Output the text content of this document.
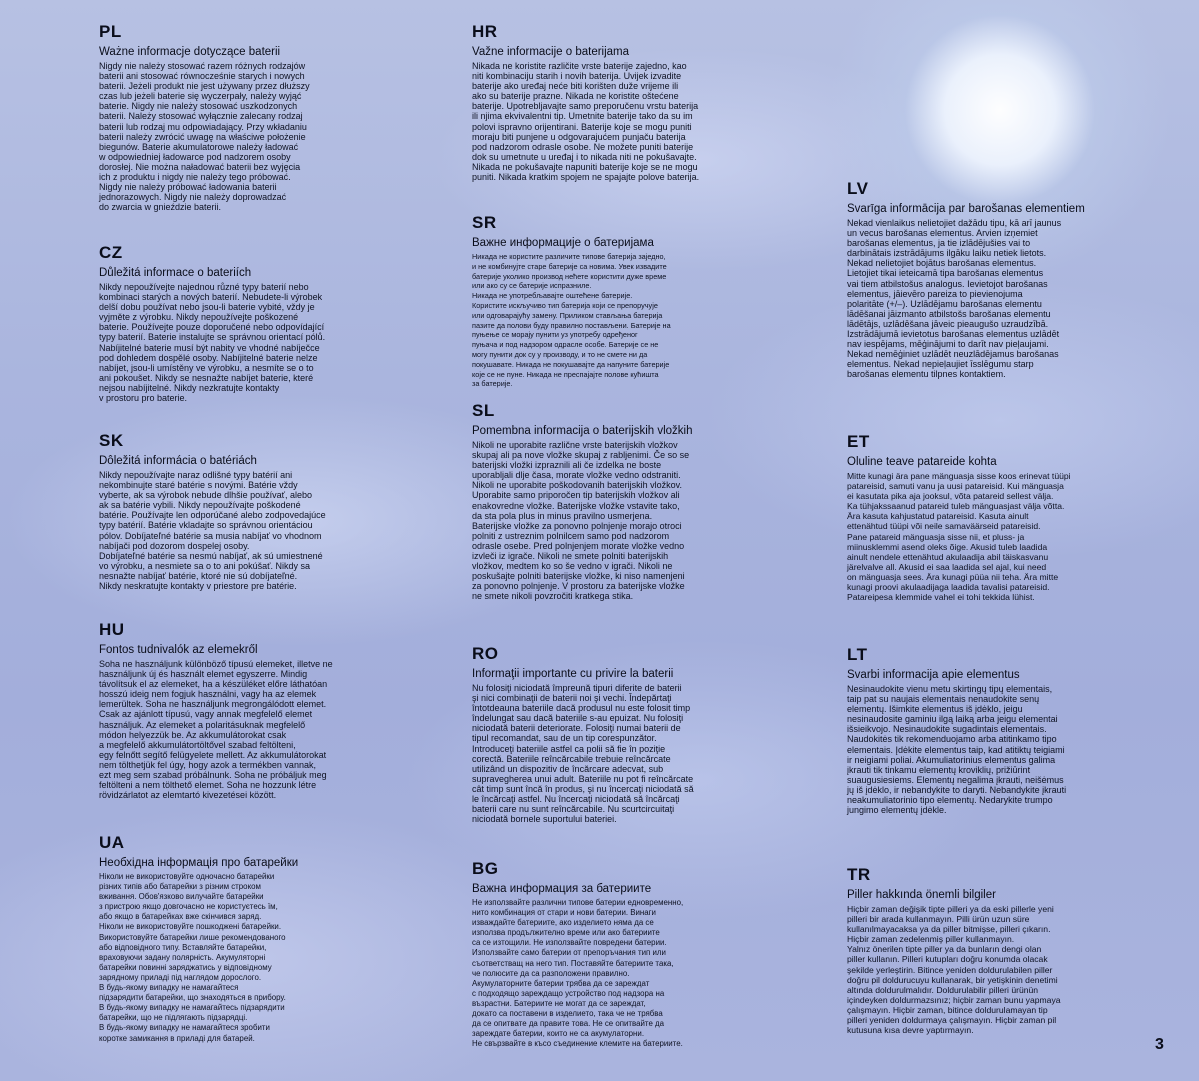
PL
Ważne informacje dotyczące baterii
Nigdy nie należy stosować razem różnych rodzajów
baterii ani stosować równocześnie starych i nowych
baterii. Jeżeli produkt nie jest używany przez dłuższy
czas lub jeżeli baterie się wyczerpały, należy wyjąć
baterie. Nigdy nie należy stosować uszkodzonych
baterii. Należy stosować wyłącznie zalecany rodzaj
baterii lub rodzaj mu odpowiadający. Przy wkładaniu
baterii należy zwrócić uwagę na właściwe położenie
biegunów. Baterie akumulatorowe należy ładować
w odpowiedniej ładowarce pod nadzorem osoby
dorosłej. Nie można naładować baterii bez wyjęcia
ich z produktu i nigdy nie należy tego próbować.
Nigdy nie należy próbować ładowania baterii
jednorazowych. Nigdy nie należy doprowadzać
do zwarcia w gnieździe baterii.
CZ
Důležitá informace o bateriích
Nikdy nepoužívejte najednou různé typy baterií nebo
kombinaci starých a nových baterií. Nebudete-li výrobek
delší dobu používat nebo jsou-li baterie vybité, vždy je
vyjměte z výrobku. Nikdy nepoužívejte poškozené
baterie. Používejte pouze doporučené nebo odpovídající
typy baterií. Baterie instalujte se správnou orientací pólů.
Nabíjitelné baterie musí být nabity ve vhodné nabíječce
pod dohledem dospělé osoby. Nabíjitelné baterie nelze
nabíjet, jsou-li umístěny ve výrobku, a nesmíte se o to
ani pokoušet. Nikdy se nesnažte nabíjet baterie, které
nejsou nabíjitelné. Nikdy nezkratujte kontakty
v prostoru pro baterie.
SK
Dôležitá informácia o batériách
Nikdy nepoužívajte naraz odlišné typy batérií ani
nekombinujte staré batérie s novými. Batérie vždy
vyberte, ak sa výrobok nebude dlhšie používať, alebo
ak sa batérie vybili. Nikdy nepoužívajte poškodené
batérie. Používajte len odporúčané alebo zodpovedajúce
typy batérií. Batérie vkladajte so správnou orientáciou
pólov. Dobíjateľné batérie sa musia nabíjať vo vhodnom
nabíjači pod dozorom dospelej osoby.
Dobíjateľné batérie sa nesmú nabíjať, ak sú umiestnené
vo výrobku, a nesmiete sa o to ani pokúšať. Nikdy sa
nesnažte nabíjať batérie, ktoré nie sú dobíjateľné.
Nikdy neskratujte kontakty v priestore pre batérie.
HU
Fontos tudnivalók az elemekről
Soha ne használjunk különböző típusú elemeket, illetve ne
használjunk új és használt elemet egyszerre. Mindig
távolítsuk el az elemeket, ha a készüléket előre láthatóan
hosszú ideig nem fogjuk használni, vagy ha az elemek
lemerültek. Soha ne használjunk megrongálódott elemet.
Csak az ajánlott típusú, vagy annak megfelelő elemet
használjuk. Az elemeket a polaritásuknak megfelelő
módon helyezzük be. Az akkumulátorokat csak
a megfelelő akkumulátortöltővel szabad feltölteni,
egy felnőtt segítő felügyelete mellett. Az akkumulátorokat
nem tölthetjük fel úgy, hogy azok a termékben vannak,
ezt meg sem szabad próbálnunk. Soha ne próbáljuk meg
feltölteni a nem tölthető elemet. Soha ne hozzunk létre
rövidzárlatot az elemtartó kivezetései között.
UA
Необхідна інформація про батарейки
Ніколи не використовуйте одночасно батарейки
різних типів або батарейки з різним строком
вживання. Обов'язково вилучайте батарейки
з пристрою якщо довгочасно не користуєтесь їм,
або якщо в батарейках вже скінчився заряд.
Ніколи не використовуйте пошкоджені батарейки.
Використовуйте батарейки лише рекомендованого
або відповідного типу. Вставляйте батарейки,
враховуючи задану полярність. Акумуляторні
батарейки повинні заряджатись у відповідному
зарядному приладі під наглядом дорослого.
В будь-якому випадку не намагайтеся
підзарядити батарейки, що знаходяться в прибору.
В будь-якому випадку не намагайтесь підзарядити
батарейки, що не підлягають підзарядці.
В будь-якому випадку не намагайтеся зробити
коротке замикання в приладі для батарей.
HR
Važne informacije o baterijama
Nikada ne koristite različite vrste baterije zajedno, kao
niti kombinaciju starih i novih baterija. Uvijek izvadite
baterije ako uređaj neće biti korišten duže vrijeme ili
ako su baterije prazne. Nikada ne koristite oštećene
baterije. Upotrebljavajte samo preporučenu vrstu baterija
ili njima ekvivalentni tip. Umetnite baterije tako da su im
polovi ispravno orijentirani. Baterije koje se mogu puniti
moraju biti punjene u odgovarajućem punjaču baterija
pod nadzorom odrasle osobe. Ne možete puniti baterije
dok su umetnute u uređaj i to nikada niti ne pokušavajte.
Nikada ne pokušavajte napuniti baterije koje se ne mogu
puniti. Nikada kratkim spojem ne spajajte polove baterija.
SR
Важне информације о батеријама
Никада не користите различите типове батерија заједно,
и не комбинујте старе батерије са новима. Увек извадите
батерије уколико производ нећете користити дуже време
или ако су се батерије испразниле.
Никада не употребљавајте оштећене батерије.
Користите искључиво тип батерија који се препоручује
или одговарајућу замену. Приликом стављања батерија
пазите да полови буду правилно постављени. Батерије на
пуњење се морају пунити уз употребу одређеног
пуњача и под надзором одрасле особе. Батерије се не
могу пунити док су у производу, и то не смете ни да
покушавате. Никада не покушавајте да напуните батерије
које се не пуне. Никада не преспајајте полове кућишта
за батерије.
SL
Pomembna informacija o baterijskih vložkih
Nikoli ne uporabite različne vrste baterijskih vložkov
skupaj ali pa nove vložke skupaj z rabljenimi. Če so se
baterijski vložki izpraznili ali če izdelka ne boste
uporabljali dlje časa, morate vložke vedno odstraniti.
Nikoli ne uporabite poškodovanih baterijskih vložkov.
Uporabite samo priporočen tip baterijskih vložkov ali
enakovredne vložke. Baterijske vložke vstavite tako,
da sta pola plus in minus pravilno usmerjena.
Baterijske vložke za ponovno polnjenje morajo otroci
polniti z ustreznim polnilcem samo pod nadzorom
odrasle osebe. Pred polnjenjem morate vložke vedno
izvleči iz igrače. Nikoli ne smete polniti baterijskih
vložkov, medtem ko so še vedno v igrači. Nikoli ne
poskušajte polniti baterijske vložke, ki niso namenjeni
za ponovno polnjenje. V prostoru za baterijske vložke
ne smete nikoli povzročiti kratkega stika.
RO
Informaţii importante cu privire la baterii
Nu folosiţi niciodată împreună tipuri diferite de baterii
şi nici combinaţii de baterii noi şi vechi. Îndepărtaţi
întotdeauna bateriile dacă produsul nu este folosit timp
îndelungat sau dacă bateriile s-au epuizat. Nu folosiţi
niciodată baterii deteriorate. Folosiţi numai baterii de
tipul recomandat, sau de un tip corespunzător.
Introduceţi bateriile astfel ca polii să fie în poziţie
corectă. Bateriile reîncărcabile trebuie reîncărcate
utilizând un dispozitiv de încărcare adecvat, sub
supravegherea unui adult. Bateriile nu pot fi reîncărcate
cât timp sunt încă în produs, şi nu încercaţi niciodată să
le încărcaţi astfel. Nu încercaţi niciodată să încărcaţi
baterii care nu sunt reîncărcabile. Nu scurtcircuitaţi
niciodată bornele suportului bateriei.
BG
Важна информация за батериите
Не използвайте различни типове батерии едновременно,
нито комбинация от стари и нови батерии. Винаги
изваждайте батериите, ако изделието няма да се
използва продължително време или ако батериите
са се изтощили. Не използвайте повредени батерии.
Използвайте само батерии от препоръчания тип или
съответстващ на него тип. Поставяйте батериите така,
че полюсите да са разположени правилно.
Акумулаторните батерии трябва да се зареждат
с подходящо зареждащо устройство под надзора на
възрастни. Батериите не могат да се зареждат,
докато са поставени в изделието, така че не трябва
да се опитвате да правите това. Не се опитвайте да
зареждате батерии, които не са акумулаторни.
Не свързвайте в късо съединение клемите на батериите.
LV
Svarīga informācija par barošanas elementiem
Nekad vienlaikus nelietojiet dažādu tipu, kā arī jaunus
un vecus barošanas elementus. Arvien izņemiet
barošanas elementus, ja tie izlādējušies vai to
darbinātais izstrādājums ilgāku laiku netiek lietots.
Nekad nelietojiet bojātus barošanas elementus.
Lietojiet tikai ieteicamā tipa barošanas elementus
vai tiem atbilstošus analogus. Ievietojot barošanas
elementus, jāievēro pareiza to pievienojuma
polaritāte (+/–). Uzlādējamu barošanas elementu
lādēšanai jāizmanto atbilstošs barošanas elementu
lādētājs, uzlādēšana jāveic pieaugušo uzraudzībā.
Izstrādājumā ievietotus barošanas elementus uzlādēt
nav iespējams, mēģinājumi to darīt nav pieļaujami.
Nekad nemēģiniet uzlādēt neuzlādējamus barošanas
elementus. Nekad nepieļaujiet īsslēgumu starp
barošanas elementu tilpnes kontaktiem.
ET
Oluline teave patareide kohta
Mitte kunagi ära pane mänguasja sisse koos erinevat tüüpi
patareisid, samuti vanu ja uusi patareisid. Kui mänguasja
ei kasutata pika aja jooksul, võta patareid sellest välja.
Ka tühjakssaanud patareid tuleb mänguasjast välja võtta.
Ära kasuta kahjustatud patareisid. Kasuta ainult
ettenähtud tüüpi või neile samaväärseid patareisid.
Pane patareid mänguasja sisse nii, et pluss- ja
miinusklemmi asend oleks õige. Akusid tuleb laadida
ainult nendele ettenähtud akulaadija abil täiskasvanu
järelvalve all. Akusid ei saa laadida sel ajal, kui need
on mänguasja sees. Ära kunagi püüa nii teha. Ära mitte
kunagi proovi akulaadijaga laadida tavalisi patareisid.
Patareipesa klemmide vahel ei tohi tekkida lühist.
LT
Svarbi informacija apie elementus
Nesinaudokite vienu metu skirtingų tipų elementais,
taip pat su naujais elementais nenaudokite senų
elementų. Išimkite elementus iš įdėklo, jeigu
nesinaudosite gaminiu ilgą laiką arba jeigu elementai
išsieikvojo. Nesinaudokite sugadintais elementais.
Naudokitės tik rekomenduojamo arba atitinkamo tipo
elementais. Įdėkite elementus taip, kad atitiktų teigiami
ir neigiami poliai. Akumuliatorinius elementus galima
įkrauti tik tinkamu elementų kroviklių, prižiūrint
suaugusiesiems. Elementų negalima įkrauti, neišėmus
jų iš įdėklo, ir nebandykite to daryti. Nebandykite įkrauti
neakumuliatorinio tipo elementų. Nedarykite trumpo
jungimo elementų įdėkle.
TR
Piller hakkında önemli bilgiler
Hiçbir zaman değişik tipte pilleri ya da eski pillerle yeni
pilleri bir arada kullanmayın. Pilli ürün uzun süre
kullanılmayacaksa ya da piller bitmişse, pilleri çıkarın.
Hiçbir zaman zedelenmiş piller kullanmayın.
Yalnız önerilen tipte piller ya da bunların dengi olan
piller kullanın. Pilleri kutupları doğru konumda olacak
şekilde yerleştirin. Bitince yeniden doldurulabilen piller
doğru pil doldurucuyu kullanarak, bir yetişkinin denetimi
altında doldurulmalıdır. Doldurulabilir pilleri ürünün
içindeyken doldurmazsınız; hiçbir zaman bunu yapmaya
çalışmayın. Hiçbir zaman, bitince doldurulamayan tip
pilleri yeniden doldurmaya çalışmayın. Hiçbir zaman pil
kutusuna kısa devre yaptırmayın.
3
